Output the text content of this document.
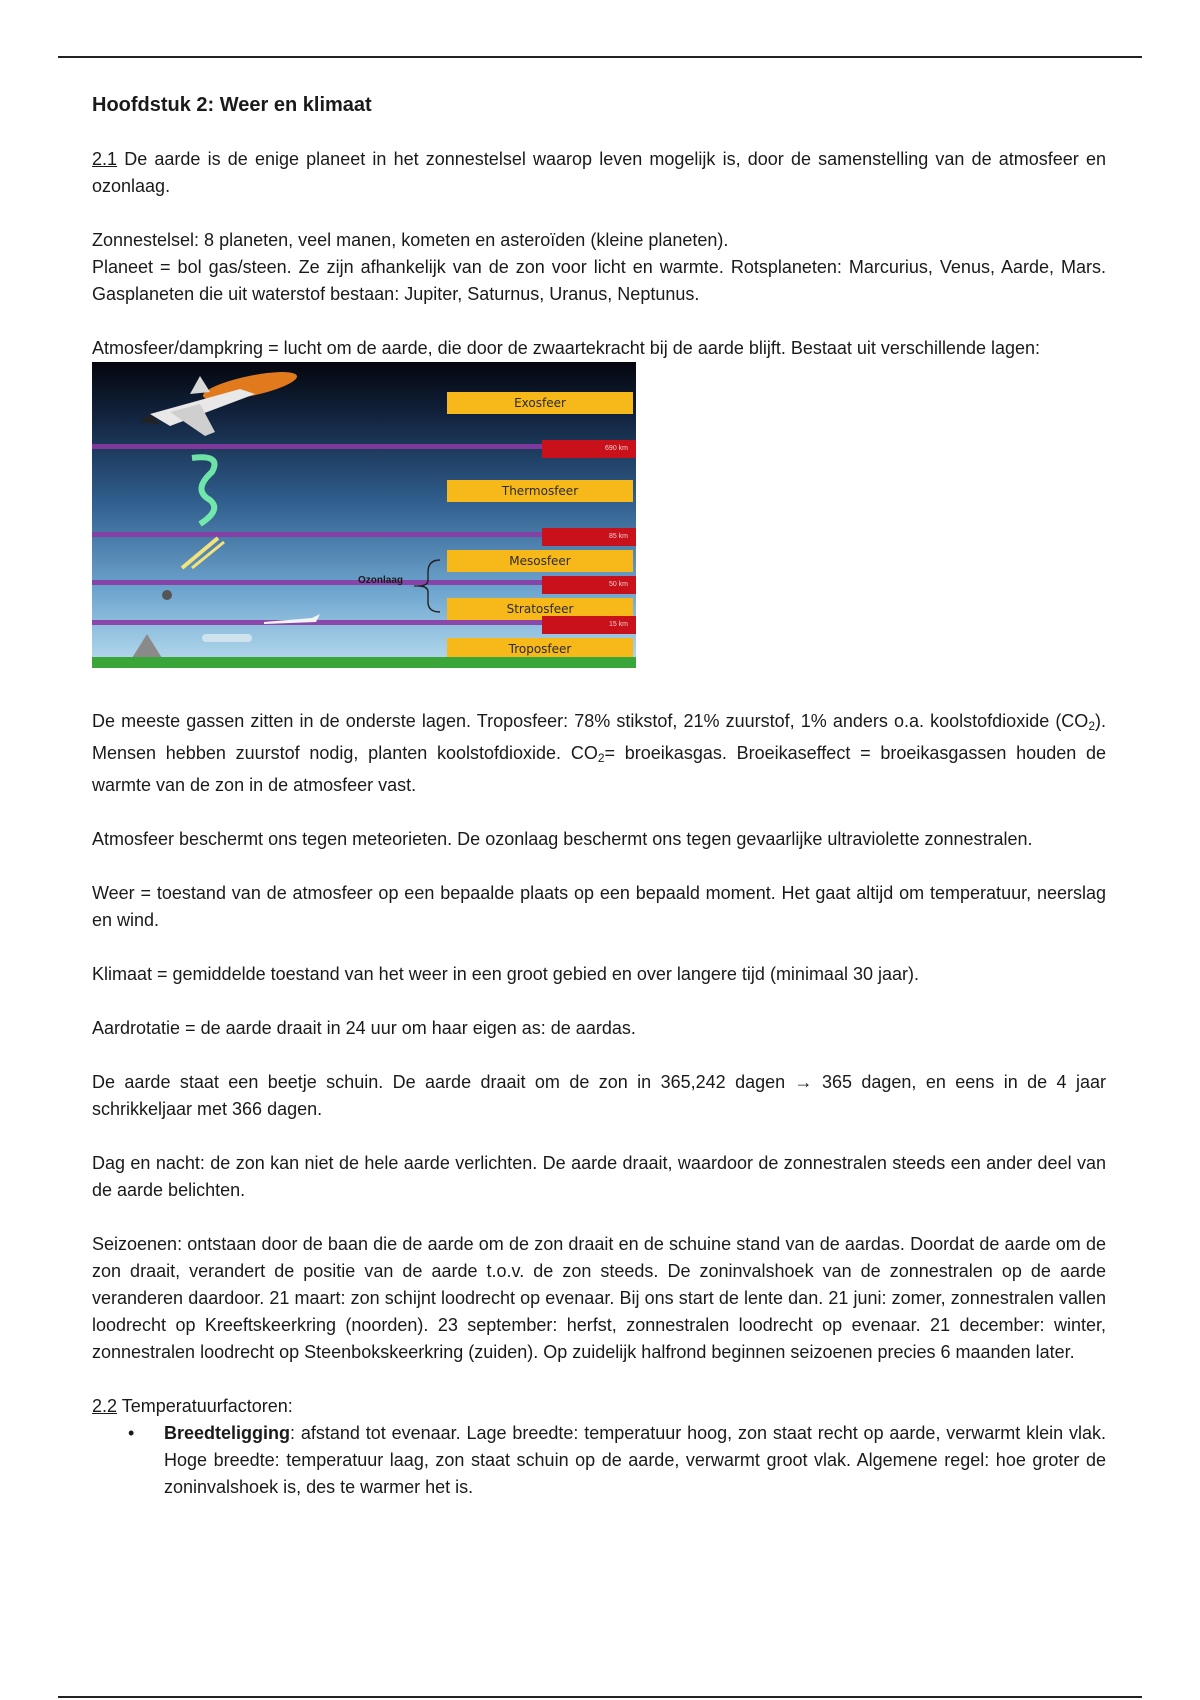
Hoofdstuk 2: Weer en klimaat

2.1 De aarde is de enige planeet in het zonnestelsel waarop leven mogelijk is, door de samenstelling van de atmosfeer en ozonlaag.

Zonnestelsel: 8 planeten, veel manen, kometen en asteroïden (kleine planeten).

Planeet = bol gas/steen. Ze zijn afhankelijk van de zon voor licht en warmte. Rotsplaneten: Marcurius, Venus, Aarde, Mars. Gasplaneten die uit waterstof bestaan: Jupiter, Saturnus, Uranus, Neptunus.

Atmosfeer/dampkring = lucht om de aarde, die door de zwaartekracht bij de aarde blijft. Bestaat uit verschillende lagen:

Exosfeer
690 km
Thermosfeer
85 km
Mesosfeer
50 km
Stratosfeer
15 km
Troposfeer
Ozonlaag

De meeste gassen zitten in de onderste lagen. Troposfeer: 78% stikstof, 21% zuurstof, 1% anders o.a. koolstofdioxide $(CO_2)$. Mensen hebben zuurstof nodig, planten koolstofdioxide. $CO_2=$ broeikasgas. Broeikaseffect = broeikasgassen houden de warmte van de zon in de atmosfeer vast.

Atmosfeer beschermt ons tegen meteorieten. De ozonlaag beschermt ons tegen gevaarlijke ultraviolette zonnestralen.

Weer = toestand van de atmosfeer op een bepaalde plaats op een bepaald moment. Het gaat altijd om temperatuur, neerslag en wind.

Klimaat = gemiddelde toestand van het weer in een groot gebied en over langere tijd (minimaal 30 jaar).

Aardrotatie = de aarde draait in 24 uur om haar eigen as: de aardas.

De aarde staat een beetje schuin. De aarde draait om de zon in 365,242 dagen → 365 dagen, en eens in de 4 jaar schrikkeljaar met 366 dagen.

Dag en nacht: de zon kan niet de hele aarde verlichten. De aarde draait, waardoor de zonnestralen steeds een ander deel van de aarde belichten.

Seizoenen: ontstaan door de baan die de aarde om de zon draait en de schuine stand van de aardas. Doordat de aarde om de zon draait, verandert de positie van de aarde t.o.v. de zon steeds. De zoninvalshoek van de zonnestralen op de aarde veranderen daardoor. 21 maart: zon schijnt loodrecht op evenaar. Bij ons start de lente dan. 21 juni: zomer, zonnestralen vallen loodrecht op Kreeftskeerkring (noorden). 23 september: herfst, zonnestralen loodrecht op evenaar. 21 december: winter, zonnestralen loodrecht op Steenbokskeerkring (zuiden). Op zuidelijk halfrond beginnen seizoenen precies 6 maanden later.

2.2 Temperatuurfactoren:

• Breedteligging: afstand tot evenaar. Lage breedte: temperatuur hoog, zon staat recht op aarde, verwarmt klein vlak. Hoge breedte: temperatuur laag, zon staat schuin op de aarde, verwarmt groot vlak. Algemene regel: hoe groter de zoninvalshoek is, des te warmer het is.
